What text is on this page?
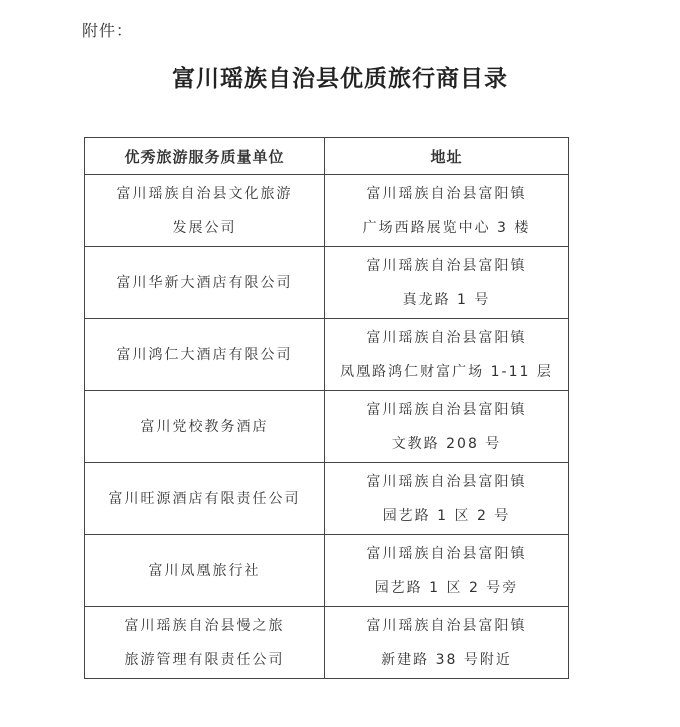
附件：
富川瑶族自治县优质旅行商目录
优秀旅游服务质量单位	地址

富川瑶族自治县文化旅游
发展公司	富川瑶族自治县富阳镇
广场西路展览中心 3 楼

富川华新大酒店有限公司	富川瑶族自治县富阳镇
真龙路 1 号

富川鸿仁大酒店有限公司	富川瑶族自治县富阳镇
凤凰路鸿仁财富广场 1-11 层

富川党校教务酒店	富川瑶族自治县富阳镇
文教路 208 号

富川旺源酒店有限责任公司	富川瑶族自治县富阳镇
园艺路 1 区 2 号

富川凤凰旅行社	富川瑶族自治县富阳镇
园艺路 1 区 2 号旁

富川瑶族自治县慢之旅
旅游管理有限责任公司	富川瑶族自治县富阳镇
新建路 38 号附近
